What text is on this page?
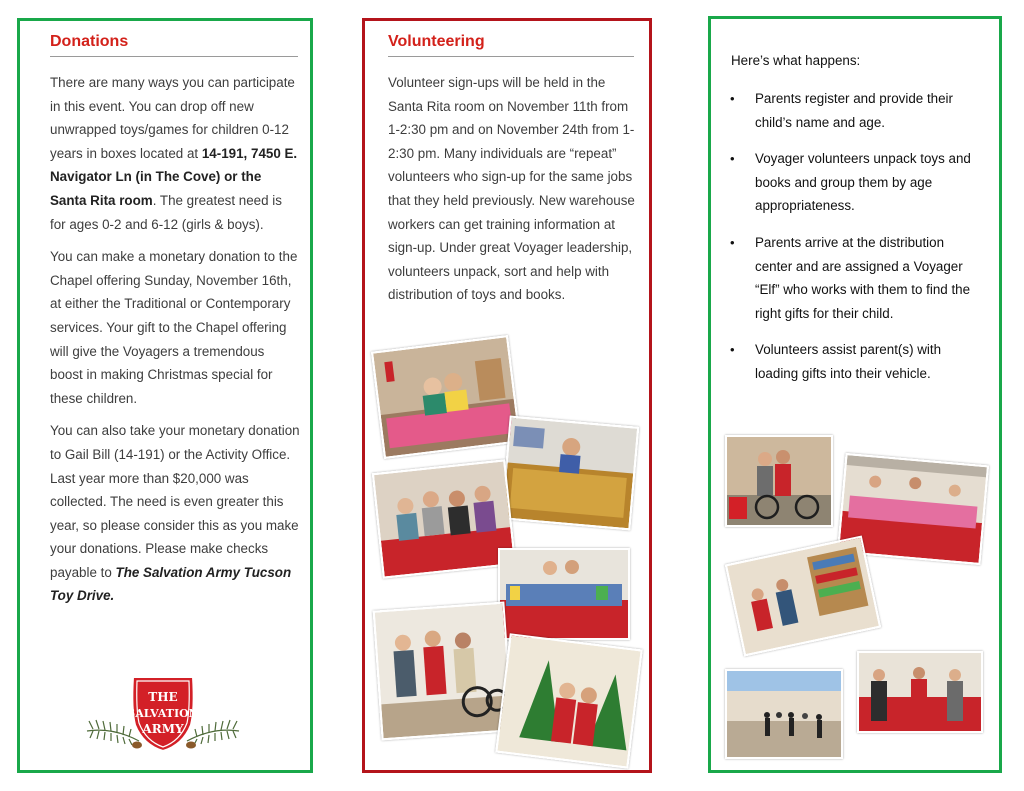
Donations

There are many ways you can participate in this event. You can drop off new unwrapped toys/games for children 0-12 years in boxes located at 14-191, 7450 E. Navigator Ln (in The Cove) or the Santa Rita room. The greatest need is for ages 0-2 and 6-12 (girls & boys).

You can make a monetary donation to the Chapel offering Sunday, November 16th, at either the Traditional or Contemporary services. Your gift to the Chapel offering will give the Voyagers a tremendous boost in making Christmas special for these children.

You can also take your monetary donation to Gail Bill (14-191) or the Activity Office. Last year more than $20,000 was collected. The need is even greater this year, so please consider this as you make your donations. Please make checks payable to The Salvation Army Tucson Toy Drive.

THE
SALVATION
ARMY
Volunteering
Volunteer sign-ups will be held in the Santa Rita room on November 11th from 1-2:30 pm and on November 24th from 1-2:30 pm. Many individuals are “repeat” volunteers who sign-up for the same jobs that they held previously. New warehouse workers can get training information at sign-up. Under great Voyager leadership, volunteers unpack, sort and help with distribution of toys and books.
Here’s what happens:
• Parents register and provide their child’s name and age.
• Voyager volunteers unpack toys and books and group them by age appropriateness.
• Parents arrive at the distribution center and are assigned a Voyager “Elf” who works with them to find the right gifts for their child.
• Volunteers assist parent(s) with loading gifts into their vehicle.
